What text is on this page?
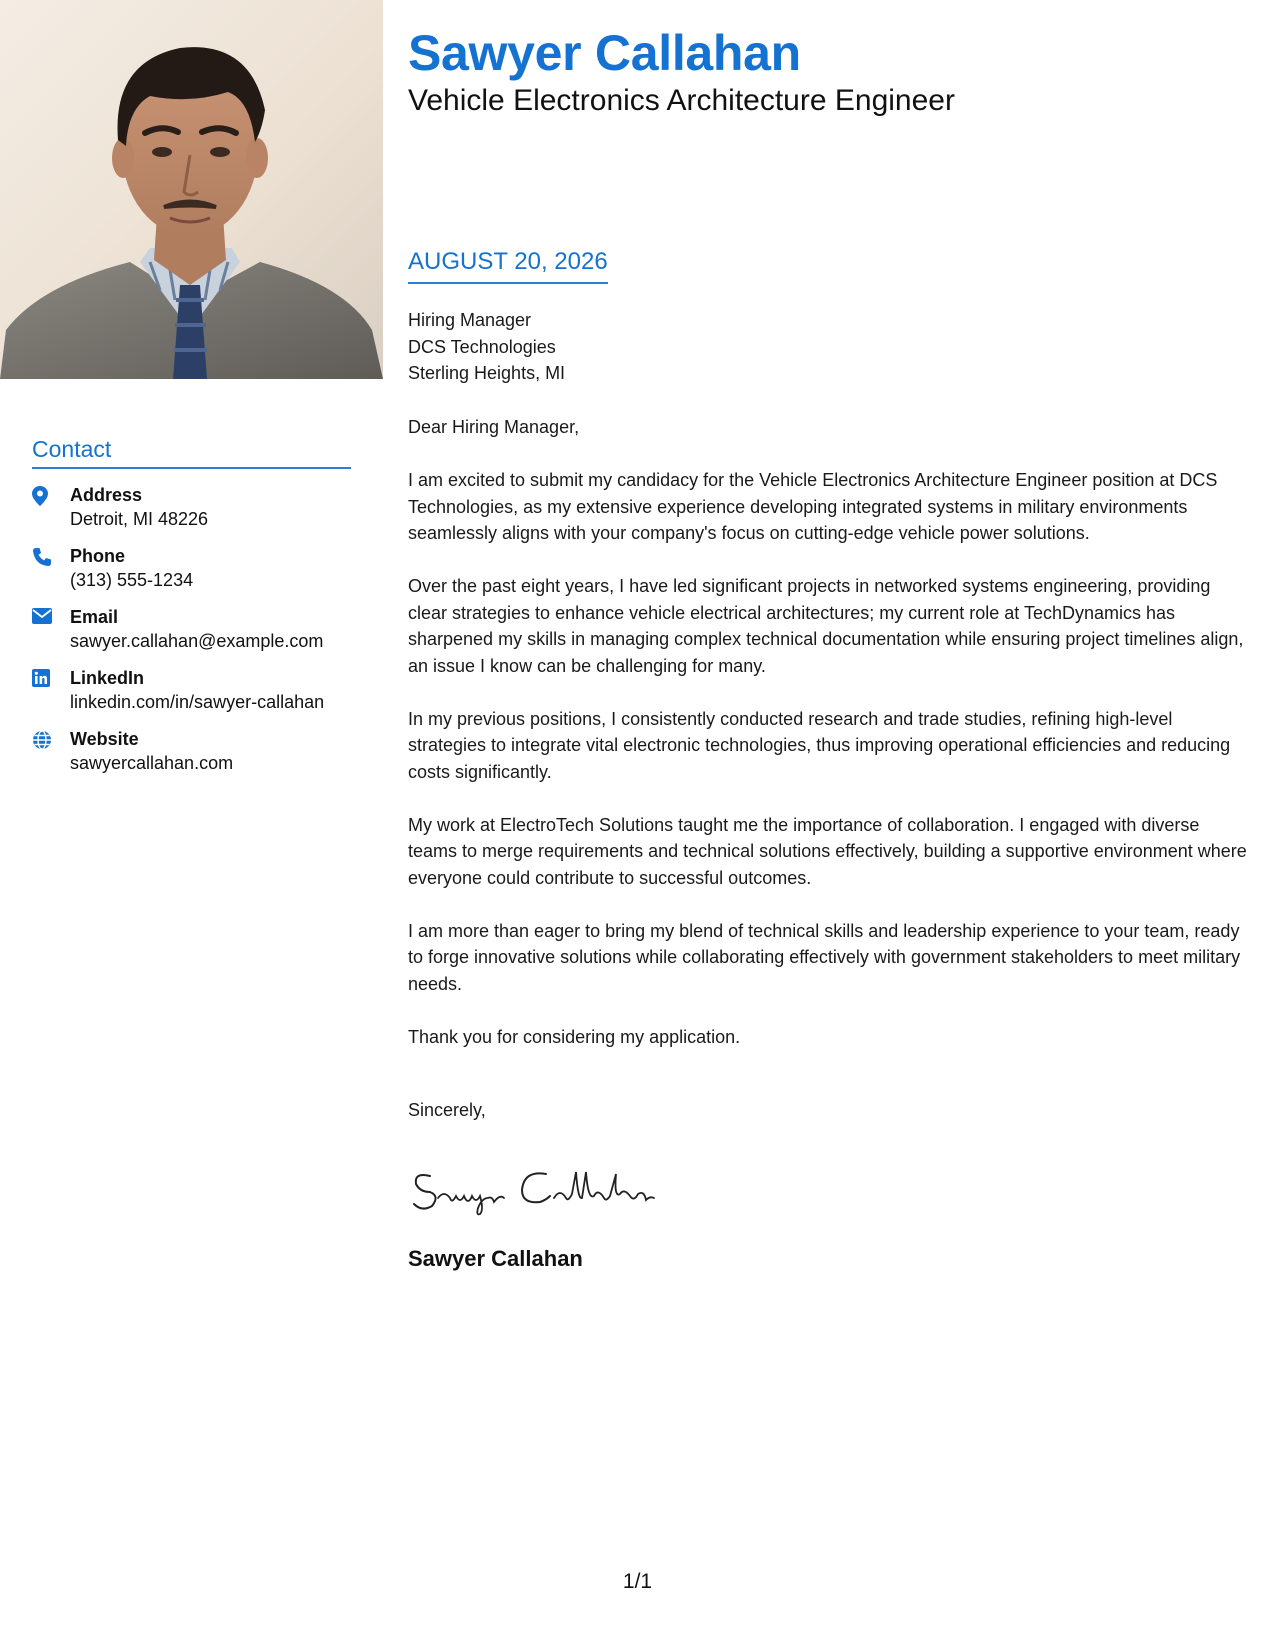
Contact
Address
Detroit, MI 48226
Phone
(313) 555-1234
Email
sawyer.callahan@example.com
LinkedIn
linkedin.com/in/sawyer-callahan
Website
sawyercallahan.com
Sawyer Callahan
Vehicle Electronics Architecture Engineer
AUGUST 20, 2026
Hiring Manager
DCS Technologies
Sterling Heights, MI

Dear Hiring Manager,

I am excited to submit my candidacy for the Vehicle Electronics Architecture Engineer position at DCS Technologies, as my extensive experience developing integrated systems in military environments seamlessly aligns with your company's focus on cutting-edge vehicle power solutions.

Over the past eight years, I have led significant projects in networked systems engineering, providing clear strategies to enhance vehicle electrical architectures; my current role at TechDynamics has sharpened my skills in managing complex technical documentation while ensuring project timelines align, an issue I know can be challenging for many.

In my previous positions, I consistently conducted research and trade studies, refining high-level strategies to integrate vital electronic technologies, thus improving operational efficiencies and reducing costs significantly.

My work at ElectroTech Solutions taught me the importance of collaboration. I engaged with diverse teams to merge requirements and technical solutions effectively, building a supportive environment where everyone could contribute to successful outcomes.

I am more than eager to bring my blend of technical skills and leadership experience to your team, ready to forge innovative solutions while collaborating effectively with government stakeholders to meet military needs.

Thank you for considering my application.

Sincerely,
Sawyer Callahan
1/1
